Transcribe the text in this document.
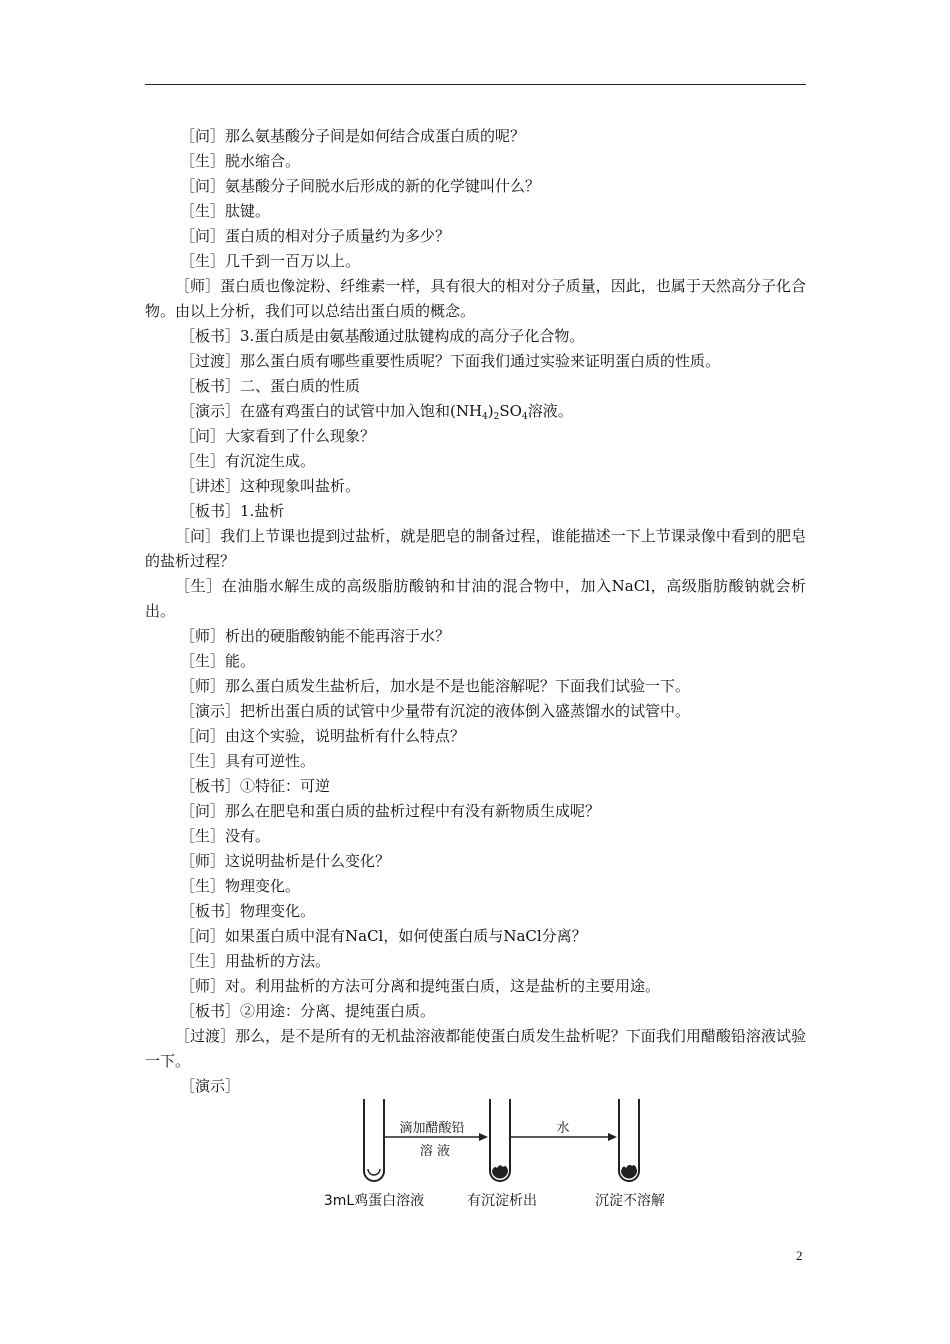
［问］那么氨基酸分子间是如何结合成蛋白质的呢？
［生］脱水缩合。
［问］氨基酸分子间脱水后形成的新的化学键叫什么？
［生］肽键。
［问］蛋白质的相对分子质量约为多少？
［生］几千到一百万以上。
［师］蛋白质也像淀粉、纤维素一样，具有很大的相对分子质量，因此，也属于天然高分子化合物。由以上分析，我们可以总结出蛋白质的概念。
［板书］3.蛋白质是由氨基酸通过肽键构成的高分子化合物。
［过渡］那么蛋白质有哪些重要性质呢？下面我们通过实验来证明蛋白质的性质。
［板书］二、蛋白质的性质
［演示］在盛有鸡蛋白的试管中加入饱和$(NH_4)_2SO_4$溶液。
［问］大家看到了什么现象？
［生］有沉淀生成。
［讲述］这种现象叫盐析。
［板书］1.盐析
［问］我们上节课也提到过盐析，就是肥皂的制备过程，谁能描述一下上节课录像中看到的肥皂的盐析过程？
［生］在油脂水解生成的高级脂肪酸钠和甘油的混合物中，加入NaCl，高级脂肪酸钠就会析出。
［师］析出的硬脂酸钠能不能再溶于水？
［生］能。
［师］那么蛋白质发生盐析后，加水是不是也能溶解呢？下面我们试验一下。
［演示］把析出蛋白质的试管中少量带有沉淀的液体倒入盛蒸馏水的试管中。
［问］由这个实验，说明盐析有什么特点？
［生］具有可逆性。
［板书］①特征：可逆
［问］那么在肥皂和蛋白质的盐析过程中有没有新物质生成呢？
［生］没有。
［师］这说明盐析是什么变化？
［生］物理变化。
［板书］物理变化。
［问］如果蛋白质中混有NaCl，如何使蛋白质与NaCl分离？
［生］用盐析的方法。
［师］对。利用盐析的方法可分离和提纯蛋白质，这是盐析的主要用途。
［板书］②用途：分离、提纯蛋白质。
［过渡］那么，是不是所有的无机盐溶液都能使蛋白质发生盐析呢？下面我们用醋酸铅溶液试验一下。
［演示］
滴加醋酸铅
溶 液
水
3mL鸡蛋白溶液	有沉淀析出	沉淀不溶解
2
